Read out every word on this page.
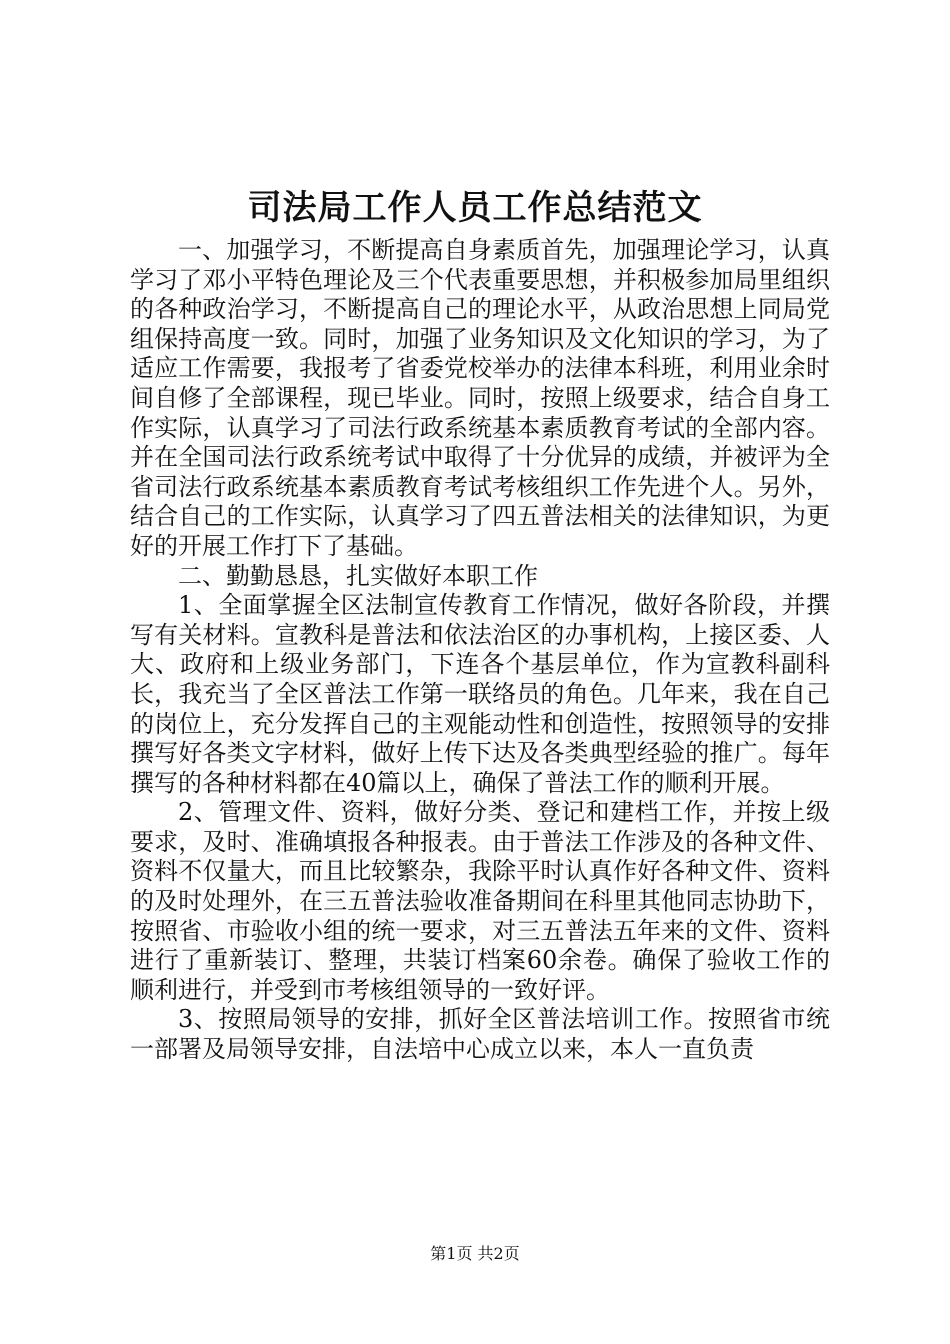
司法局工作人员工作总结范文

一、加强学习，不断提高自身素质首先，加强理论学习，认真学习了邓小平特色理论及三个代表重要思想，并积极参加局里组织的各种政治学习，不断提高自己的理论水平，从政治思想上同局党组保持高度一致。同时，加强了业务知识及文化知识的学习，为了适应工作需要，我报考了省委党校举办的法律本科班，利用业余时间自修了全部课程，现已毕业。同时，按照上级要求，结合自身工作实际，认真学习了司法行政系统基本素质教育考试的全部内容。并在全国司法行政系统考试中取得了十分优异的成绩，并被评为全省司法行政系统基本素质教育考试考核组织工作先进个人。另外，结合自己的工作实际，认真学习了四五普法相关的法律知识，为更好的开展工作打下了基础。

二、勤勤恳恳，扎实做好本职工作

1、全面掌握全区法制宣传教育工作情况，做好各阶段，并撰写有关材料。宣教科是普法和依法治区的办事机构，上接区委、人大、政府和上级业务部门，下连各个基层单位，作为宣教科副科长，我充当了全区普法工作第一联络员的角色。几年来，我在自己的岗位上，充分发挥自己的主观能动性和创造性，按照领导的安排撰写好各类文字材料，做好上传下达及各类典型经验的推广。每年撰写的各种材料都在40篇以上，确保了普法工作的顺利开展。

2、管理文件、资料，做好分类、登记和建档工作，并按上级要求，及时、准确填报各种报表。由于普法工作涉及的各种文件、资料不仅量大，而且比较繁杂，我除平时认真作好各种文件、资料的及时处理外，在三五普法验收准备期间在科里其他同志协助下，按照省、市验收小组的统一要求，对三五普法五年来的文件、资料进行了重新装订、整理，共装订档案60余卷。确保了验收工作的顺利进行，并受到市考核组领导的一致好评。

3、按照局领导的安排，抓好全区普法培训工作。按照省市统一部署及局领导安排，自法培中心成立以来，本人一直负责

第1页 共2页
